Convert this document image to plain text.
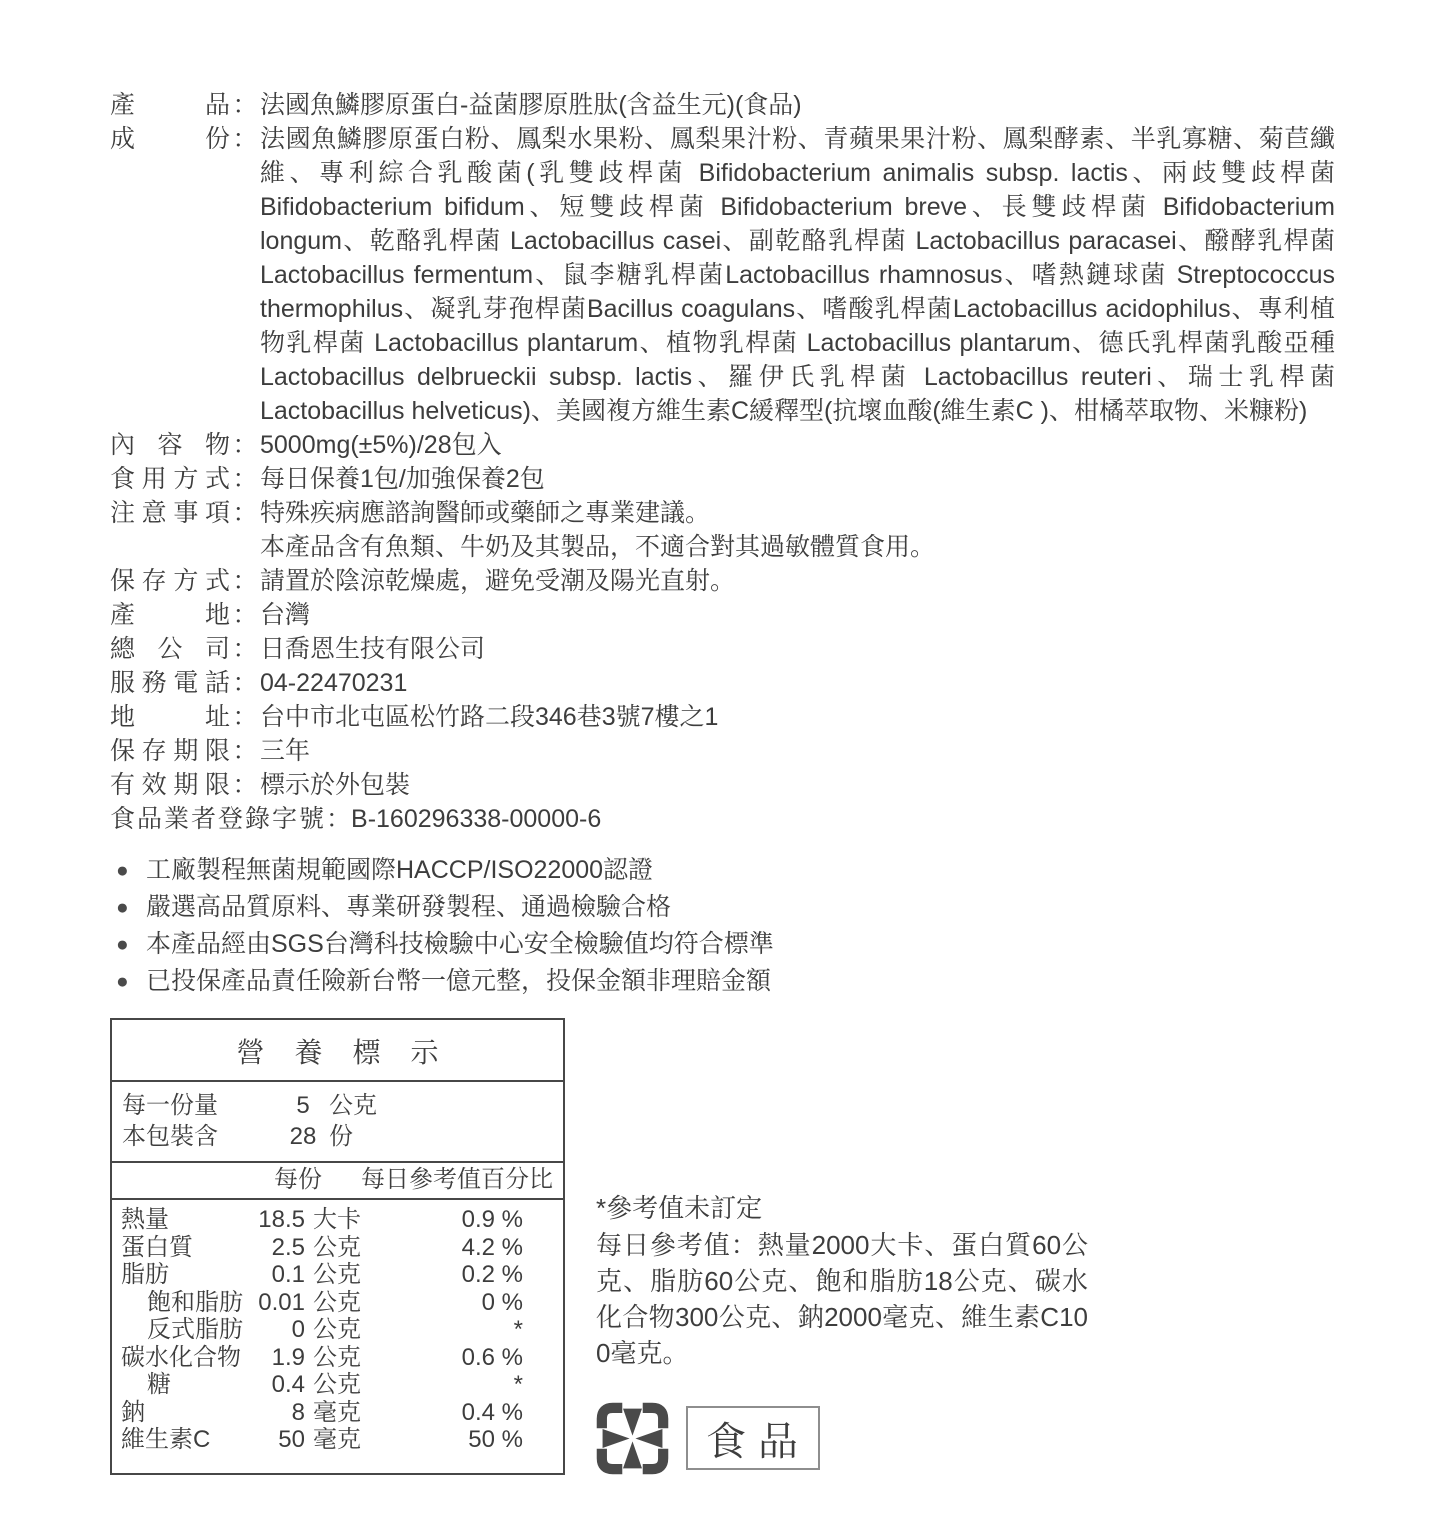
產品 ： 法國魚鱗膠原蛋白-益菌膠原胜肽(含益生元)(食品)
成份 ： 法國魚鱗膠原蛋白粉、鳳梨水果粉、鳳梨果汁粉、青蘋果果汁粉、鳳梨酵素、半乳寡糖、菊苣纖維、專利綜合乳酸菌(乳雙歧桿菌 Bifidobacterium animalis subsp. lactis、兩歧雙歧桿菌 Bifidobacterium bifidum、短雙歧桿菌 Bifidobacterium breve、長雙歧桿菌 Bifidobacterium longum、乾酪乳桿菌 Lactobacillus casei、副乾酪乳桿菌 Lactobacillus paracasei、醱酵乳桿菌Lactobacillus fermentum、鼠李糖乳桿菌Lactobacillus rhamnosus、嗜熱鏈球菌 Streptococcus thermophilus、凝乳芽孢桿菌Bacillus coagulans、嗜酸乳桿菌Lactobacillus acidophilus、專利植物乳桿菌 Lactobacillus plantarum、植物乳桿菌 Lactobacillus plantarum、德氏乳桿菌乳酸亞種 Lactobacillus delbrueckii subsp. lactis、羅伊氏乳桿菌 Lactobacillus reuteri、瑞士乳桿菌 Lactobacillus helveticus)、美國複方維生素C緩釋型(抗壞血酸(維生素C )、柑橘萃取物、米糠粉)
內容物 ： 5000mg(±5%)/28包入
食用方式 ： 每日保養1包/加強保養2包
注意事項 ： 特殊疾病應諮詢醫師或藥師之專業建議。
本產品含有魚類、牛奶及其製品，不適合對其過敏體質食用。
保存方式 ： 請置於陰涼乾燥處，避免受潮及陽光直射。
產地 ： 台灣
總公司 ： 日喬恩生技有限公司
服務電話 ： 04-22470231
地址 ： 台中市北屯區松竹路二段346巷3號7樓之1
保存期限 ： 三年
有效期限 ： 標示於外包裝
食品業者登錄字號 ： B-160296338-00000-6
● 工廠製程無菌規範國際HACCP/ISO22000認證
● 嚴選高品質原料、專業研發製程、通過檢驗合格
● 本產品經由SGS台灣科技檢驗中心安全檢驗值均符合標準
● 已投保產品責任險新台幣一億元整，投保金額非理賠金額
營養標示
每一份量	5 公克
本包裝含	28 份
每份 每日參考值百分比
熱量	18.5 大卡	0.9 %
蛋白質	2.5 公克	4.2 %
脂肪	0.1 公克	0.2 %
飽和脂肪 0.01 公克	0 %
反式脂肪	0 公克	*
碳水化合物	1.9 公克	0.6 %
糖	0.4 公克	*
鈉	8 毫克	0.4 %
維生素C	50 毫克	50 %
*參考值未訂定
每日參考值：熱量2000大卡、蛋白質60公克、脂肪60公克、飽和脂肪18公克、碳水化合物300公克、鈉2000毫克、維生素C100毫克。
食品
